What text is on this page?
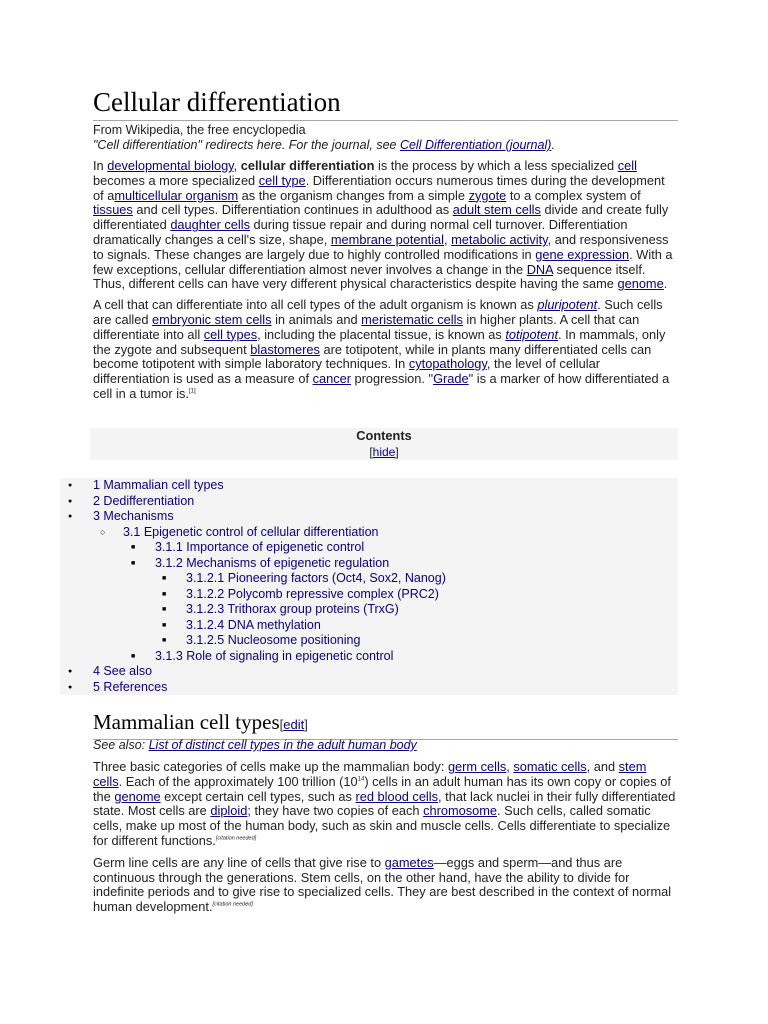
Cellular differentiation
From Wikipedia, the free encyclopedia
"Cell differentiation" redirects here. For the journal, see Cell Differentiation (journal).

In developmental biology, cellular differentiation is the process by which a less specialized cell becomes a more specialized cell type. Differentiation occurs numerous times during the development of amulticellular organism as the organism changes from a simple zygote to a complex system of tissues and cell types. Differentiation continues in adulthood as adult stem cells divide and create fully differentiated daughter cells during tissue repair and during normal cell turnover. Differentiation dramatically changes a cell's size, shape, membrane potential, metabolic activity, and responsiveness to signals. These changes are largely due to highly controlled modifications in gene expression. With a few exceptions, cellular differentiation almost never involves a change in the DNA sequence itself. Thus, different cells can have very different physical characteristics despite having the same genome.

A cell that can differentiate into all cell types of the adult organism is known as pluripotent. Such cells are called embryonic stem cells in animals and meristematic cells in higher plants. A cell that can differentiate into all cell types, including the placental tissue, is known as totipotent. In mammals, only the zygote and subsequent blastomeres are totipotent, while in plants many differentiated cells can become totipotent with simple laboratory techniques. In cytopathology, the level of cellular differentiation is used as a measure of cancer progression. "Grade" is a marker of how differentiated a cell in a tumor is.[1]

Contents
[hide]
● 1 Mammalian cell types
● 2 Dedifferentiation
● 3 Mechanisms
○ 3.1 Epigenetic control of cellular differentiation
■ 3.1.1 Importance of epigenetic control
■ 3.1.2 Mechanisms of epigenetic regulation
■ 3.1.2.1 Pioneering factors (Oct4, Sox2, Nanog)
■ 3.1.2.2 Polycomb repressive complex (PRC2)
■ 3.1.2.3 Trithorax group proteins (TrxG)
■ 3.1.2.4 DNA methylation
■ 3.1.2.5 Nucleosome positioning
■ 3.1.3 Role of signaling in epigenetic control
● 4 See also
● 5 References
Mammalian cell types[edit]
See also: List of distinct cell types in the adult human body

Three basic categories of cells make up the mammalian body: germ cells, somatic cells, and stem cells. Each of the approximately 100 trillion $(10^{14})$ cells in an adult human has its own copy or copies of the genome except certain cell types, such as red blood cells, that lack nuclei in their fully differentiated state. Most cells are diploid; they have two copies of each chromosome. Such cells, called somatic cells, make up most of the human body, such as skin and muscle cells. Cells differentiate to specialize for different functions.[citation needed]

Germ line cells are any line of cells that give rise to gametes—eggs and sperm—and thus are continuous through the generations. Stem cells, on the other hand, have the ability to divide for indefinite periods and to give rise to specialized cells. They are best described in the context of normal human development.[citation needed]
